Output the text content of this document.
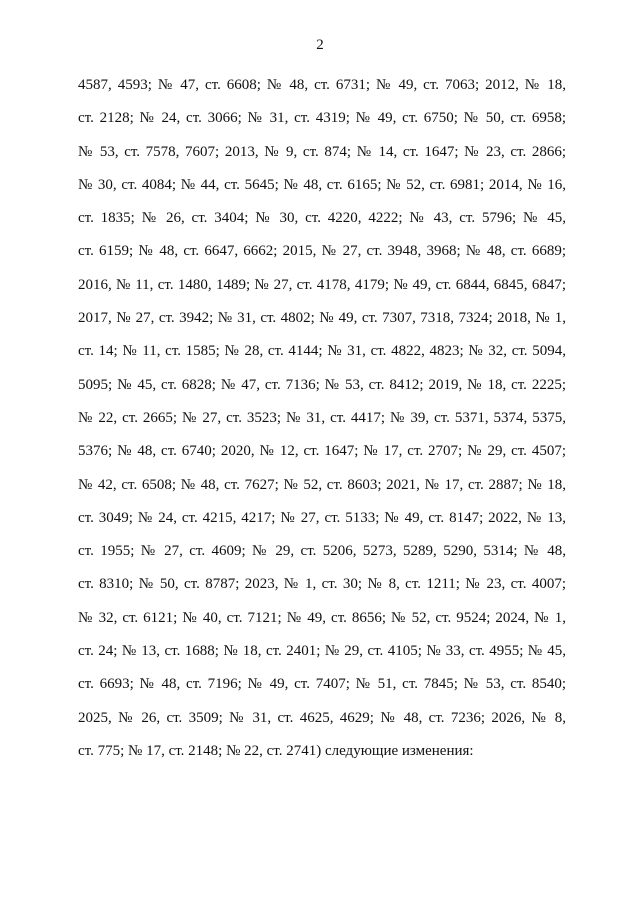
2
4587, 4593; № 47, ст. 6608; № 48, ст. 6731; № 49, ст. 7063; 2012, № 18,
ст. 2128; № 24, ст. 3066; № 31, ст. 4319; № 49, ст. 6750; № 50, ст. 6958;
№ 53, ст. 7578, 7607; 2013, № 9, ст. 874; № 14, ст. 1647; № 23, ст. 2866;
№ 30, ст. 4084; № 44, ст. 5645; № 48, ст. 6165; № 52, ст. 6981; 2014, № 16,
ст. 1835; № 26, ст. 3404; № 30, ст. 4220, 4222; № 43, ст. 5796; № 45,
ст. 6159; № 48, ст. 6647, 6662; 2015, № 27, ст. 3948, 3968; № 48, ст. 6689;
2016, № 11, ст. 1480, 1489; № 27, ст. 4178, 4179; № 49, ст. 6844, 6845, 6847;
2017, № 27, ст. 3942; № 31, ст. 4802; № 49, ст. 7307, 7318, 7324; 2018, № 1,
ст. 14; № 11, ст. 1585; № 28, ст. 4144; № 31, ст. 4822, 4823; № 32, ст. 5094,
5095; № 45, ст. 6828; № 47, ст. 7136; № 53, ст. 8412; 2019, № 18, ст. 2225;
№ 22, ст. 2665; № 27, ст. 3523; № 31, ст. 4417; № 39, ст. 5371, 5374, 5375,
5376; № 48, ст. 6740; 2020, № 12, ст. 1647; № 17, ст. 2707; № 29, ст. 4507;
№ 42, ст. 6508; № 48, ст. 7627; № 52, ст. 8603; 2021, № 17, ст. 2887; № 18,
ст. 3049; № 24, ст. 4215, 4217; № 27, ст. 5133; № 49, ст. 8147; 2022, № 13,
ст. 1955; № 27, ст. 4609; № 29, ст. 5206, 5273, 5289, 5290, 5314; № 48,
ст. 8310; № 50, ст. 8787; 2023, № 1, ст. 30; № 8, ст. 1211; № 23, ст. 4007;
№ 32, ст. 6121; № 40, ст. 7121; № 49, ст. 8656; № 52, ст. 9524; 2024, № 1,
ст. 24; № 13, ст. 1688; № 18, ст. 2401; № 29, ст. 4105; № 33, ст. 4955; № 45,
ст. 6693; № 48, ст. 7196; № 49, ст. 7407; № 51, ст. 7845; № 53, ст. 8540;
2025, № 26, ст. 3509; № 31, ст. 4625, 4629; № 48, ст. 7236; 2026, № 8,
ст. 775; № 17, ст. 2148; № 22, ст. 2741) следующие изменения:
